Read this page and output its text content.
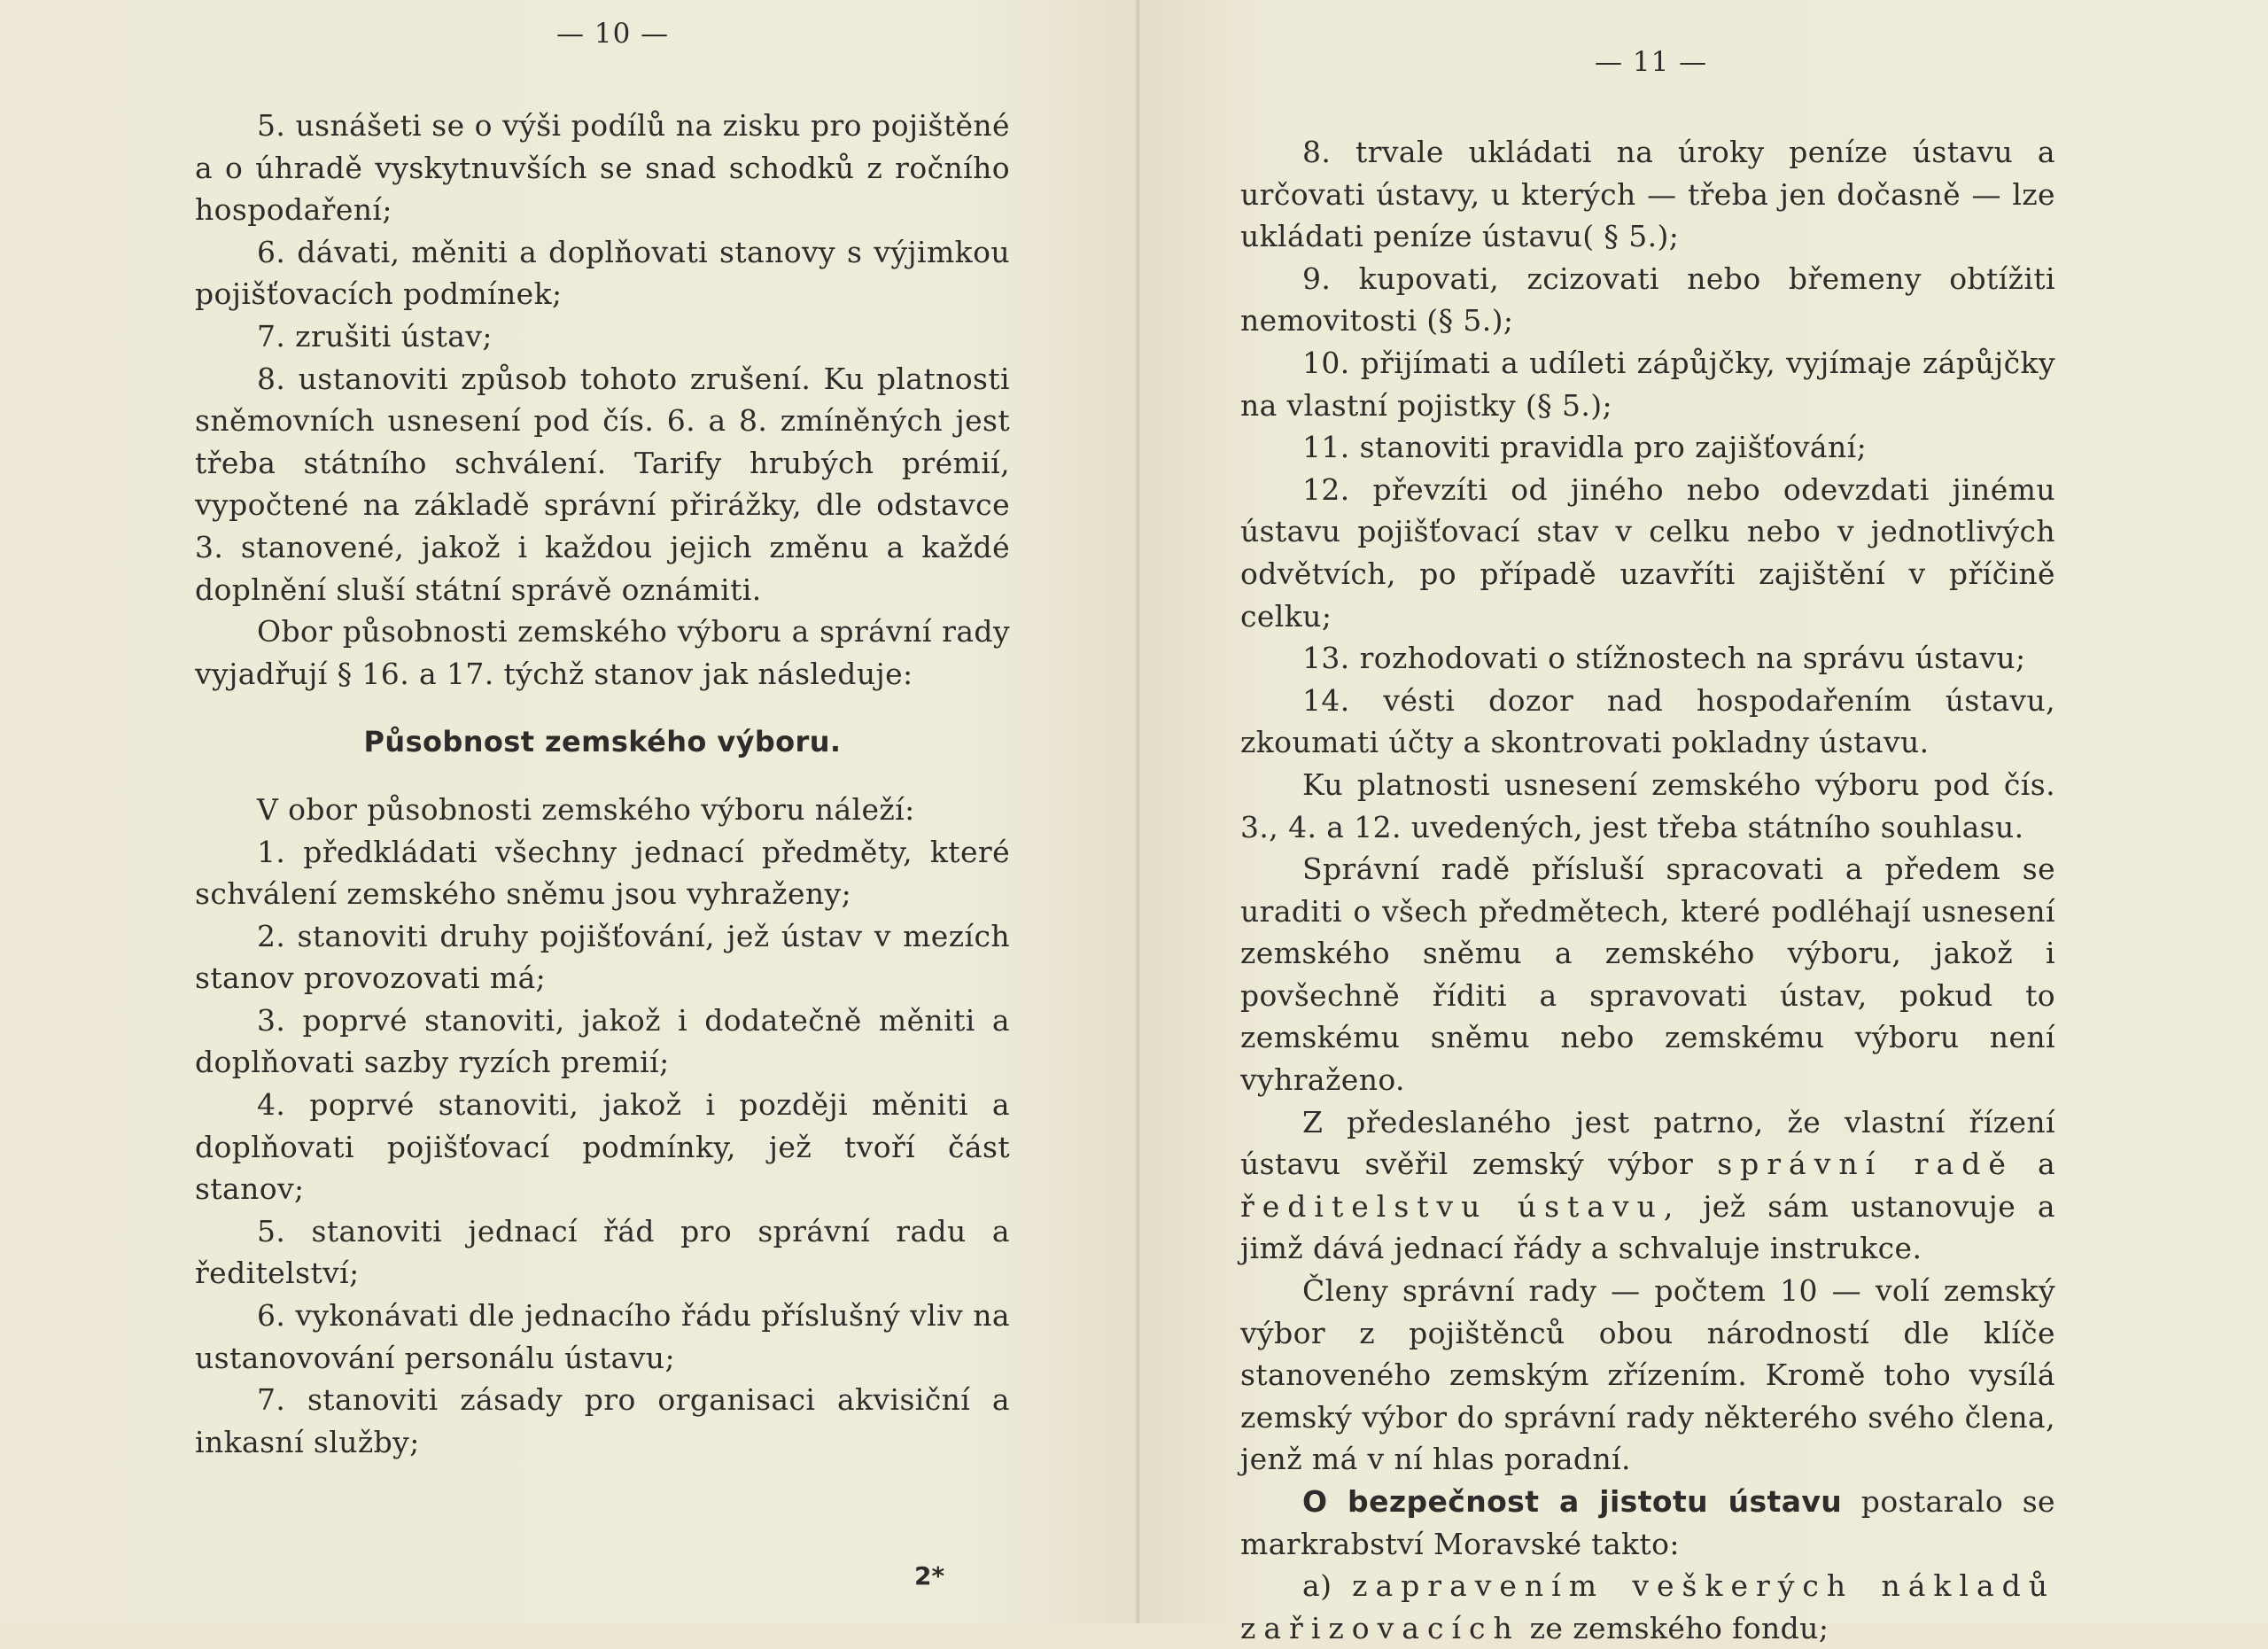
— 10 —

5. usnášeti se o výši podílů na zisku pro pojištěné a o úhradě vyskytnuvších se snad schodků z ročního hospodaření;

6. dávati, měniti a doplňovati stanovy s výjimkou pojišťovacích podmínek;

7. zrušiti ústav;

8. ustanoviti způsob tohoto zrušení. Ku platnosti sněmovních usnesení pod čís. 6. a 8. zmíněných jest třeba státního schválení. Tarify hrubých prémií, vypočtené na základě správní přirážky, dle odstavce 3. stanovené, jakož i každou jejich změnu a každé doplnění sluší státní správě oznámiti.

Obor působnosti zemského výboru a správní rady vyjadřují § 16. a 17. týchž stanov jak následuje:

Působnost zemského výboru.

V obor působnosti zemského výboru náleží:

1. předkládati všechny jednací předměty, které schválení zemského sněmu jsou vyhraženy;

2. stanoviti druhy pojišťování, jež ústav v mezích stanov provozovati má;

3. poprvé stanoviti, jakož i dodatečně měniti a doplňovati sazby ryzích premií;

4. poprvé stanoviti, jakož i později měniti a doplňovati pojišťovací podmínky, jež tvoří část stanov;

5. stanoviti jednací řád pro správní radu a ředitelství;

6. vykonávati dle jednacího řádu příslušný vliv na ustanovování personálu ústavu;

7. stanoviti zásady pro organisaci akvisiční a inkasní služby;

— 11 —

8. trvale ukládati na úroky peníze ústavu a určovati ústavy, u kterých — třeba jen dočasně — lze ukládati peníze ústavu( § 5.);

9. kupovati, zcizovati nebo břemeny obtížiti nemovitosti (§ 5.);

10. přijímati a udíleti zápůjčky, vyjímaje zápůjčky na vlastní pojistky (§ 5.);

11. stanoviti pravidla pro zajišťování;

12. převzíti od jiného nebo odevzdati jinému ústavu pojišťovací stav v celku nebo v jednotlivých odvětvích, po případě uzavříti zajištění v příčině celku;

13. rozhodovati o stížnostech na správu ústavu;

14. vésti dozor nad hospodařením ústavu, zkoumati účty a skontrovati pokladny ústavu.

Ku platnosti usnesení zemského výboru pod čís. 3., 4. a 12. uvedených, jest třeba státního souhlasu.

Správní radě přísluší spracovati a předem se uraditi o všech předmětech, které podléhají usnesení zemského sněmu a zemského výboru, jakož i povšechně říditi a spravovati ústav, pokud to zemskému sněmu nebo zemskému výboru není vyhraženo.

Z předeslaného jest patrno, že vlastní řízení ústavu svěřil zemský výbor správní radě a ředitelstvu ústavu, jež sám ustanovuje a jimž dává jednací řády a schvaluje instrukce.

Členy správní rady — počtem 10 — volí zemský výbor z pojištěnců obou národností dle klíče stanoveného zemským zřízením. Kromě toho vysílá zemský výbor do správní rady některého svého člena, jenž má v ní hlas poradní.

O bezpečnost a jistotu ústavu postaralo se markrabství Moravské takto:

a) zapravením veškerých nákladů zařizovacích ze zemského fondu;

2*
